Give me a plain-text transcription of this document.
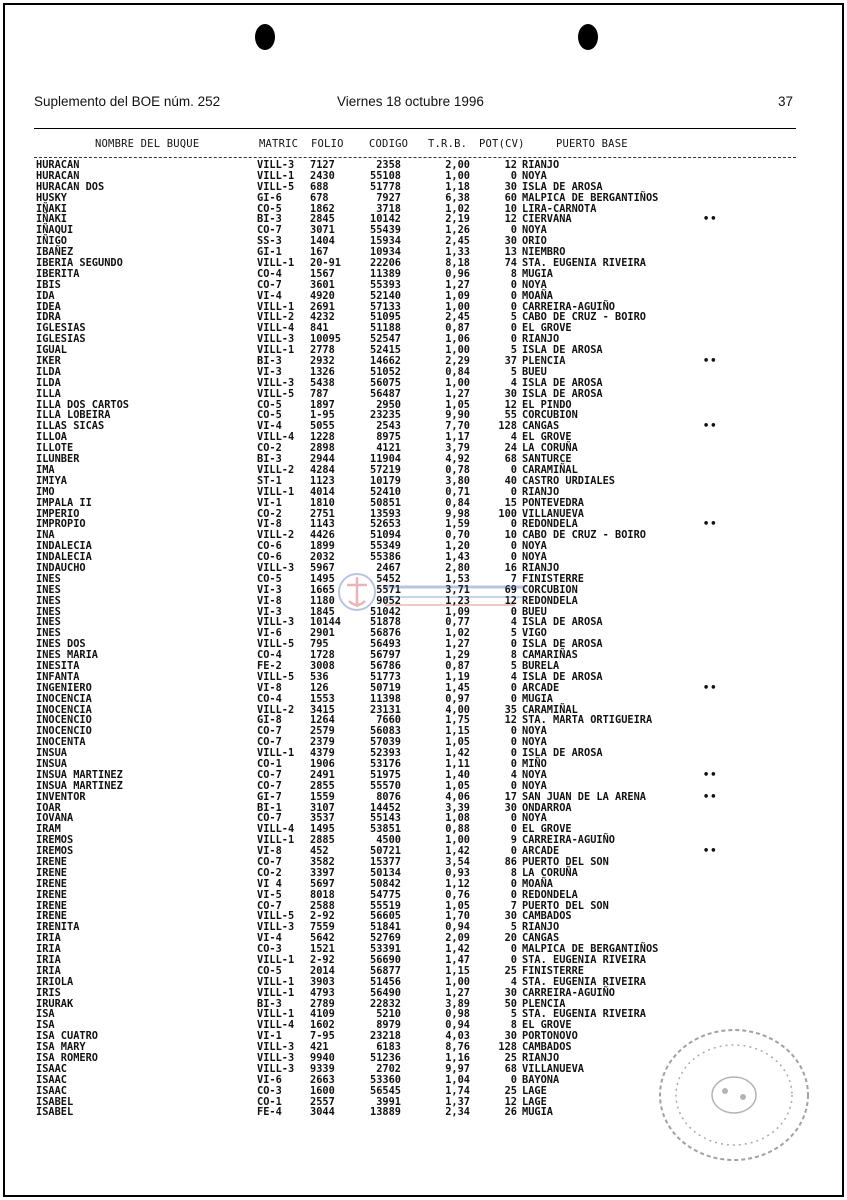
Suplemento del BOE núm. 252	Viernes 18 octubre 1996	37
NOMBRE DEL BUQUE	MATRIC FOLIO CODIGO T.R.B. POT(CV)	PUERTO BASE
HURACAN	VILL-3 7127	2358	2,00	12 RIANJO
HURACAN	VILL-1 2430	55108	1,00	0 NOYA
HURACAN DOS	VILL-5 688	51778	1,18	30 ISLA DE AROSA
HUSKY	GI-6	678	7927	6,38	60 MALPICA DE BERGANTIÑOS
IÑAKI	CO-5	1862	3718	1,02	10 LIRA-CARNOTA
IÑAKI	BI-3	2845	10142	2,19	12 CIERVANA	••
IÑAQUI	CO-7	3071	55439	1,26	0 NOYA
IÑIGO	SS-3	1404	15934	2,45	30 ORIO
IBAÑEZ	GI-1	167	10934	1,33	13 NIEMBRO
IBERIA SEGUNDO	VILL-1 20-91	22206	8,18	74 STA. EUGENIA RIVEIRA
IBERITA	CO-4	1567	11389	0,96	8 MUGIA
IBIS	CO-7	3601	55393	1,27	0 NOYA
IDA	VI-4	4920	52140	1,09	0 MOAÑA
IDEA	VILL-1 2691	57133	1,00	0 CARREIRA-AGUIÑO
IDRA	VILL-2 4232	51095	2,45	5 CABO DE CRUZ - BOIRO
IGLESIAS	VILL-4 841	51188	0,87	0 EL GROVE
IGLESIAS	VILL-3 10095	52547	1,06	0 RIANJO
IGUAL	VILL-1 2778	52415	1,00	5 ISLA DE AROSA
IKER	BI-3	2932	14662	2,29	37 PLENCIA	••
ILDA	VI-3	1326	51052	0,84	5 BUEU
ILDA	VILL-3 5438	56075	1,00	4 ISLA DE AROSA
ILLA	VILL-5 787	56487	1,27	30 ISLA DE AROSA
ILLA DOS CARTOS	CO-5	1897	2950	1,05	12 EL PINDO
ILLA LOBEIRA	CO-5	1-95	23235	9,90	55 CORCUBION
ILLAS SICAS	VI-4	5055	2543	7,70	128 CANGAS	••
ILLOA	VILL-4 1228	8975	1,17	4 EL GROVE
ILLOTE	CO-2	2898	4121	3,79	24 LA CORUÑA
ILUNBER	BI-3	2944	11904	4,92	68 SANTURCE
IMA	VILL-2 4284	57219	0,78	0 CARAMIÑAL
IMIYA	ST-1	1123	10179	3,80	40 CASTRO URDIALES
IMO	VILL-1 4014	52410	0,71	0 RIANJO
IMPALA II	VI-1	1810	50851	0,84	15 PONTEVEDRA
IMPERIO	CO-2	2751	13593	9,98	100 VILLANUEVA
IMPROPIO	VI-8	1143	52653	1,59	0 REDONDELA	••
INA	VILL-2 4426	51094	0,70	10 CABO DE CRUZ - BOIRO
INDALECIA	CO-6	1899	55349	1,20	0 NOYA
INDALECIA	CO-6	2032	55386	1,43	0 NOYA
INDAUCHO	VILL-3 5967	2467	2,80	16 RIANJO
INES	CO-5	1495	5452	1,53	7 FINISTERRE
INES	VI-3	1665	5571	3,71	69 CORCUBION
INES	VI-8	1180	9052	1,23	12 REDONDELA
INES	VI-3	1845	51042	1,09	0 BUEU
INES	VILL-3 10144	51878	0,77	4 ISLA DE AROSA
INES	VI-6	2901	56876	1,02	5 VIGO
INES DOS	VILL-5 795	56493	1,27	0 ISLA DE AROSA
INES MARIA	CO-4	1728	56797	1,29	8 CAMARIÑAS
INESITA	FE-2	3008	56786	0,87	5 BURELA
INFANTA	VILL-5 536	51773	1,19	4 ISLA DE AROSA
INGENIERO	VI-8	126	50719	1,45	0 ARCADE	••
INOCENCIA	CO-4	1553	11398	0,97	0 MUGIA
INOCENCIA	VILL-2 3415	23131	4,00	35 CARAMIÑAL
INOCENCIO	GI-8	1264	7660	1,75	12 STA. MARTA ORTIGUEIRA
INOCENCIO	CO-7	2579	56083	1,15	0 NOYA
INOCENTA	CO-7	2379	57039	1,05	0 NOYA
INSUA	VILL-1 4379	52393	1,42	0 ISLA DE AROSA
INSUA	CO-1	1906	53176	1,11	0 MIÑO
INSUA MARTINEZ	CO-7	2491	51975	1,40	4 NOYA	••
INSUA MARTINEZ	CO-7	2855	55570	1,05	0 NOYA
INVENTOR	GI-7	1559	8076	4,06	17 SAN JUAN DE LA ARENA	••
IOAR	BI-1	3107	14452	3,39	30 ONDARROA
IOVANA	CO-7	3537	55143	1,08	0 NOYA
IRAM	VILL-4 1495	53851	0,88	0 EL GROVE
IREMOS	VILL-1 2885	4500	1,00	9 CARREIRA-AGUIÑO
IREMOS	VI-8	452	50721	1,42	0 ARCADE	••
IRENE	CO-7	3582	15377	3,54	86 PUERTO DEL SON
IRENE	CO-2	3397	50134	0,93	8 LA CORUÑA
IRENE	VI 4	5697	50842	1,12	0 MOAÑA
IRENE	VI-5	8018	54775	0,76	0 REDONDELA
IRENE	CO-7	2588	55519	1,05	7 PUERTO DEL SON
IRENE	VILL-5 2-92	56605	1,70	30 CAMBADOS
IRENITA	VILL-3 7559	51841	0,94	5 RIANJO
IRIA	VI-4	5642	52769	2,09	20 CANGAS
IRIA	CO-3	1521	53391	1,42	0 MALPICA DE BERGANTIÑOS
IRIA	VILL-1 2-92	56690	1,47	0 STA. EUGENIA RIVEIRA
IRIA	CO-5	2014	56877	1,15	25 FINISTERRE
IRIOLA	VILL-1 3903	51456	1,00	4 STA. EUGENIA RIVEIRA
IRIS	VILL-1 4793	56490	1,27	30 CARREIRA-AGUIÑO
IRURAK	BI-3	2789	22832	3,89	50 PLENCIA
ISA	VILL-1 4109	5210	0,98	5 STA. EUGENIA RIVEIRA
ISA	VILL-4 1602	8979	0,94	8 EL GROVE
ISA CUATRO	VI-1	7-95	23218	4,03	30 PORTONOVO
ISA MARY	VILL-3 421	6183	8,76	128 CAMBADOS
ISA ROMERO	VILL-3 9940	51236	1,16	25 RIANJO
ISAAC	VILL-3 9339	2702	9,97	68 VILLANUEVA
ISAAC	VI-6	2663	53360	1,04	0 BAYONA
ISAAC	CO-3	1600	56545	1,74	25 LAGE
ISABEL	CO-1	2557	3991	1,37	12 LAGE
ISABEL	FE-4	3044	13889	2,34	26 MUGIA
